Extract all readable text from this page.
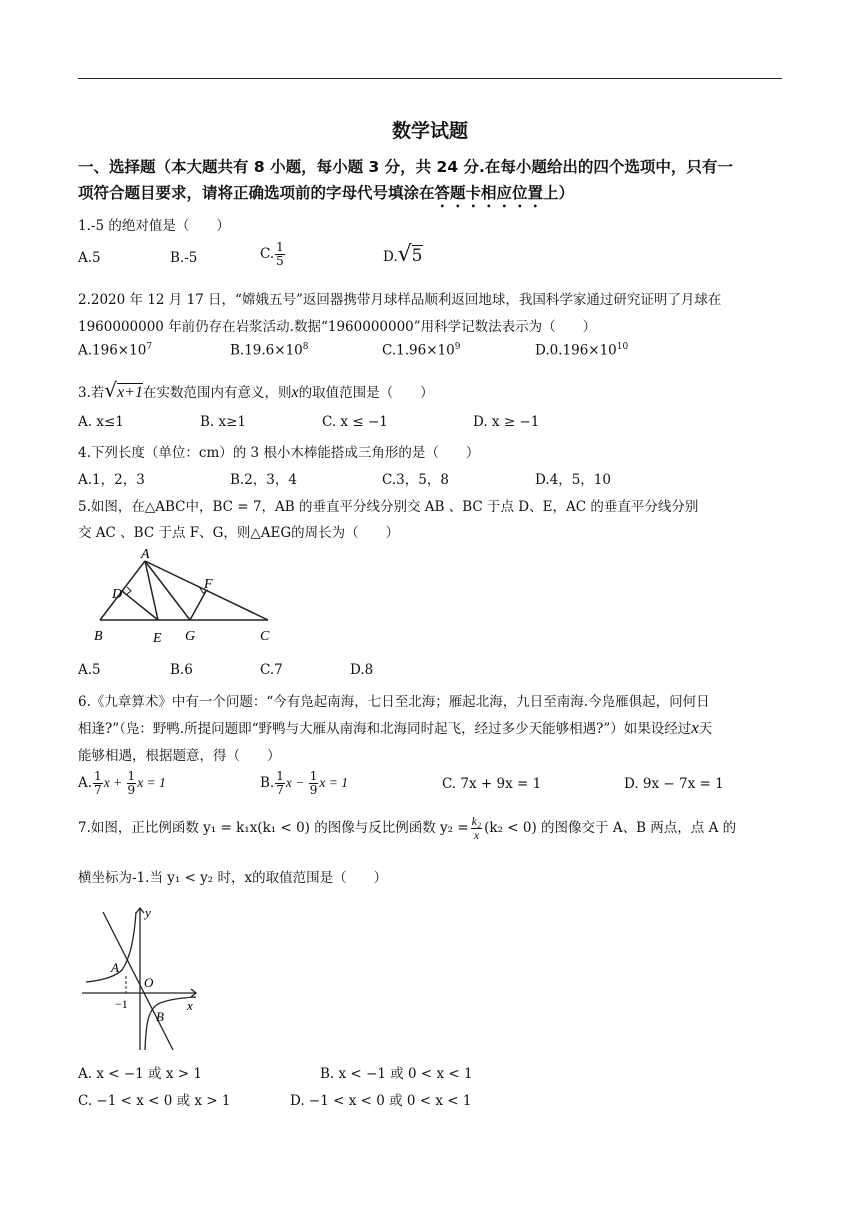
数学试题
一、选择题（本大题共有 8 小题，每小题 3 分，共 24 分.在每小题给出的四个选项中，只有一
项符合题目要求，请将正确选项前的字母代号填涂在答题卡相应位置上）
1.-5 的绝对值是（　　）
A.5	B.-5	C. $\frac{1}{5}$	D.√5
2.2020 年 12 月 17 日，“嫦娥五号”返回器携带月球样品顺利返回地球，我国科学家通过研究证明了月球在
1960000000 年前仍存在岩浆活动.数据“1960000000”用科学记数法表示为（　　）
$A.196\times 10^7$	$B.19.6\times 10^8$	$C.1.96\times 10^9$	$D.0.196\times 10^{10}$
3.若√x+1在实数范围内有意义，则x的取值范围是（　　）
A. x≤1	B. x≥1	C. x ≤ −1	D. x ≥ −1
4.下列长度（单位：cm）的 3 根小木棒能搭成三角形的是（　　）
A.1，2，3	B.2，3，4	C.3，5，8	D.4，5，10
5.如图，在△ABC中，BC = 7，AB 的垂直平分线分别交 AB 、BC 于点 D、E，AC 的垂直平分线分别
交 AC 、BC 于点 F、G，则△AEG的周长为（　　）
A
D
F
B	E G	C
A.5	B.6	C.7	D.8
6.《九章算术》中有一个问题：“今有凫起南海，七日至北海；雁起北海，九日至南海.今凫雁俱起，问何日
相逢?”（凫：野鸭.所提问题即“野鸭与大雁从南海和北海同时起飞，经过多少天能够相遇?”）如果设经过x天
能够相遇，根据题意，得（　　）
A. $\frac{1}{7}$ $x + \frac{1}{9}$ x = 1	B. $\frac{1}{7}$ $x - \frac{1}{9}$ x = 1	C. 7x + 9x = 1	D. 9x − 7x = 1
7.如图，正比例函数 y₁ = k₁x(k₁ < 0) 的图像与反比例函数 $y_2 = \frac{\text{k₂}}{x} (k_2 < 0)$ 的图像交于 A、B 两点，点 A 的
横坐标为-1.当 y₁ < y₂ 时，x的取值范围是（　　）
y
x
O
A
B
−1
A. x < −1 或 x > 1	B. x < −1 或 0 < x < 1
C. −1 < x < 0 或 x > 1	D. −1 < x < 0 或 0 < x < 1
